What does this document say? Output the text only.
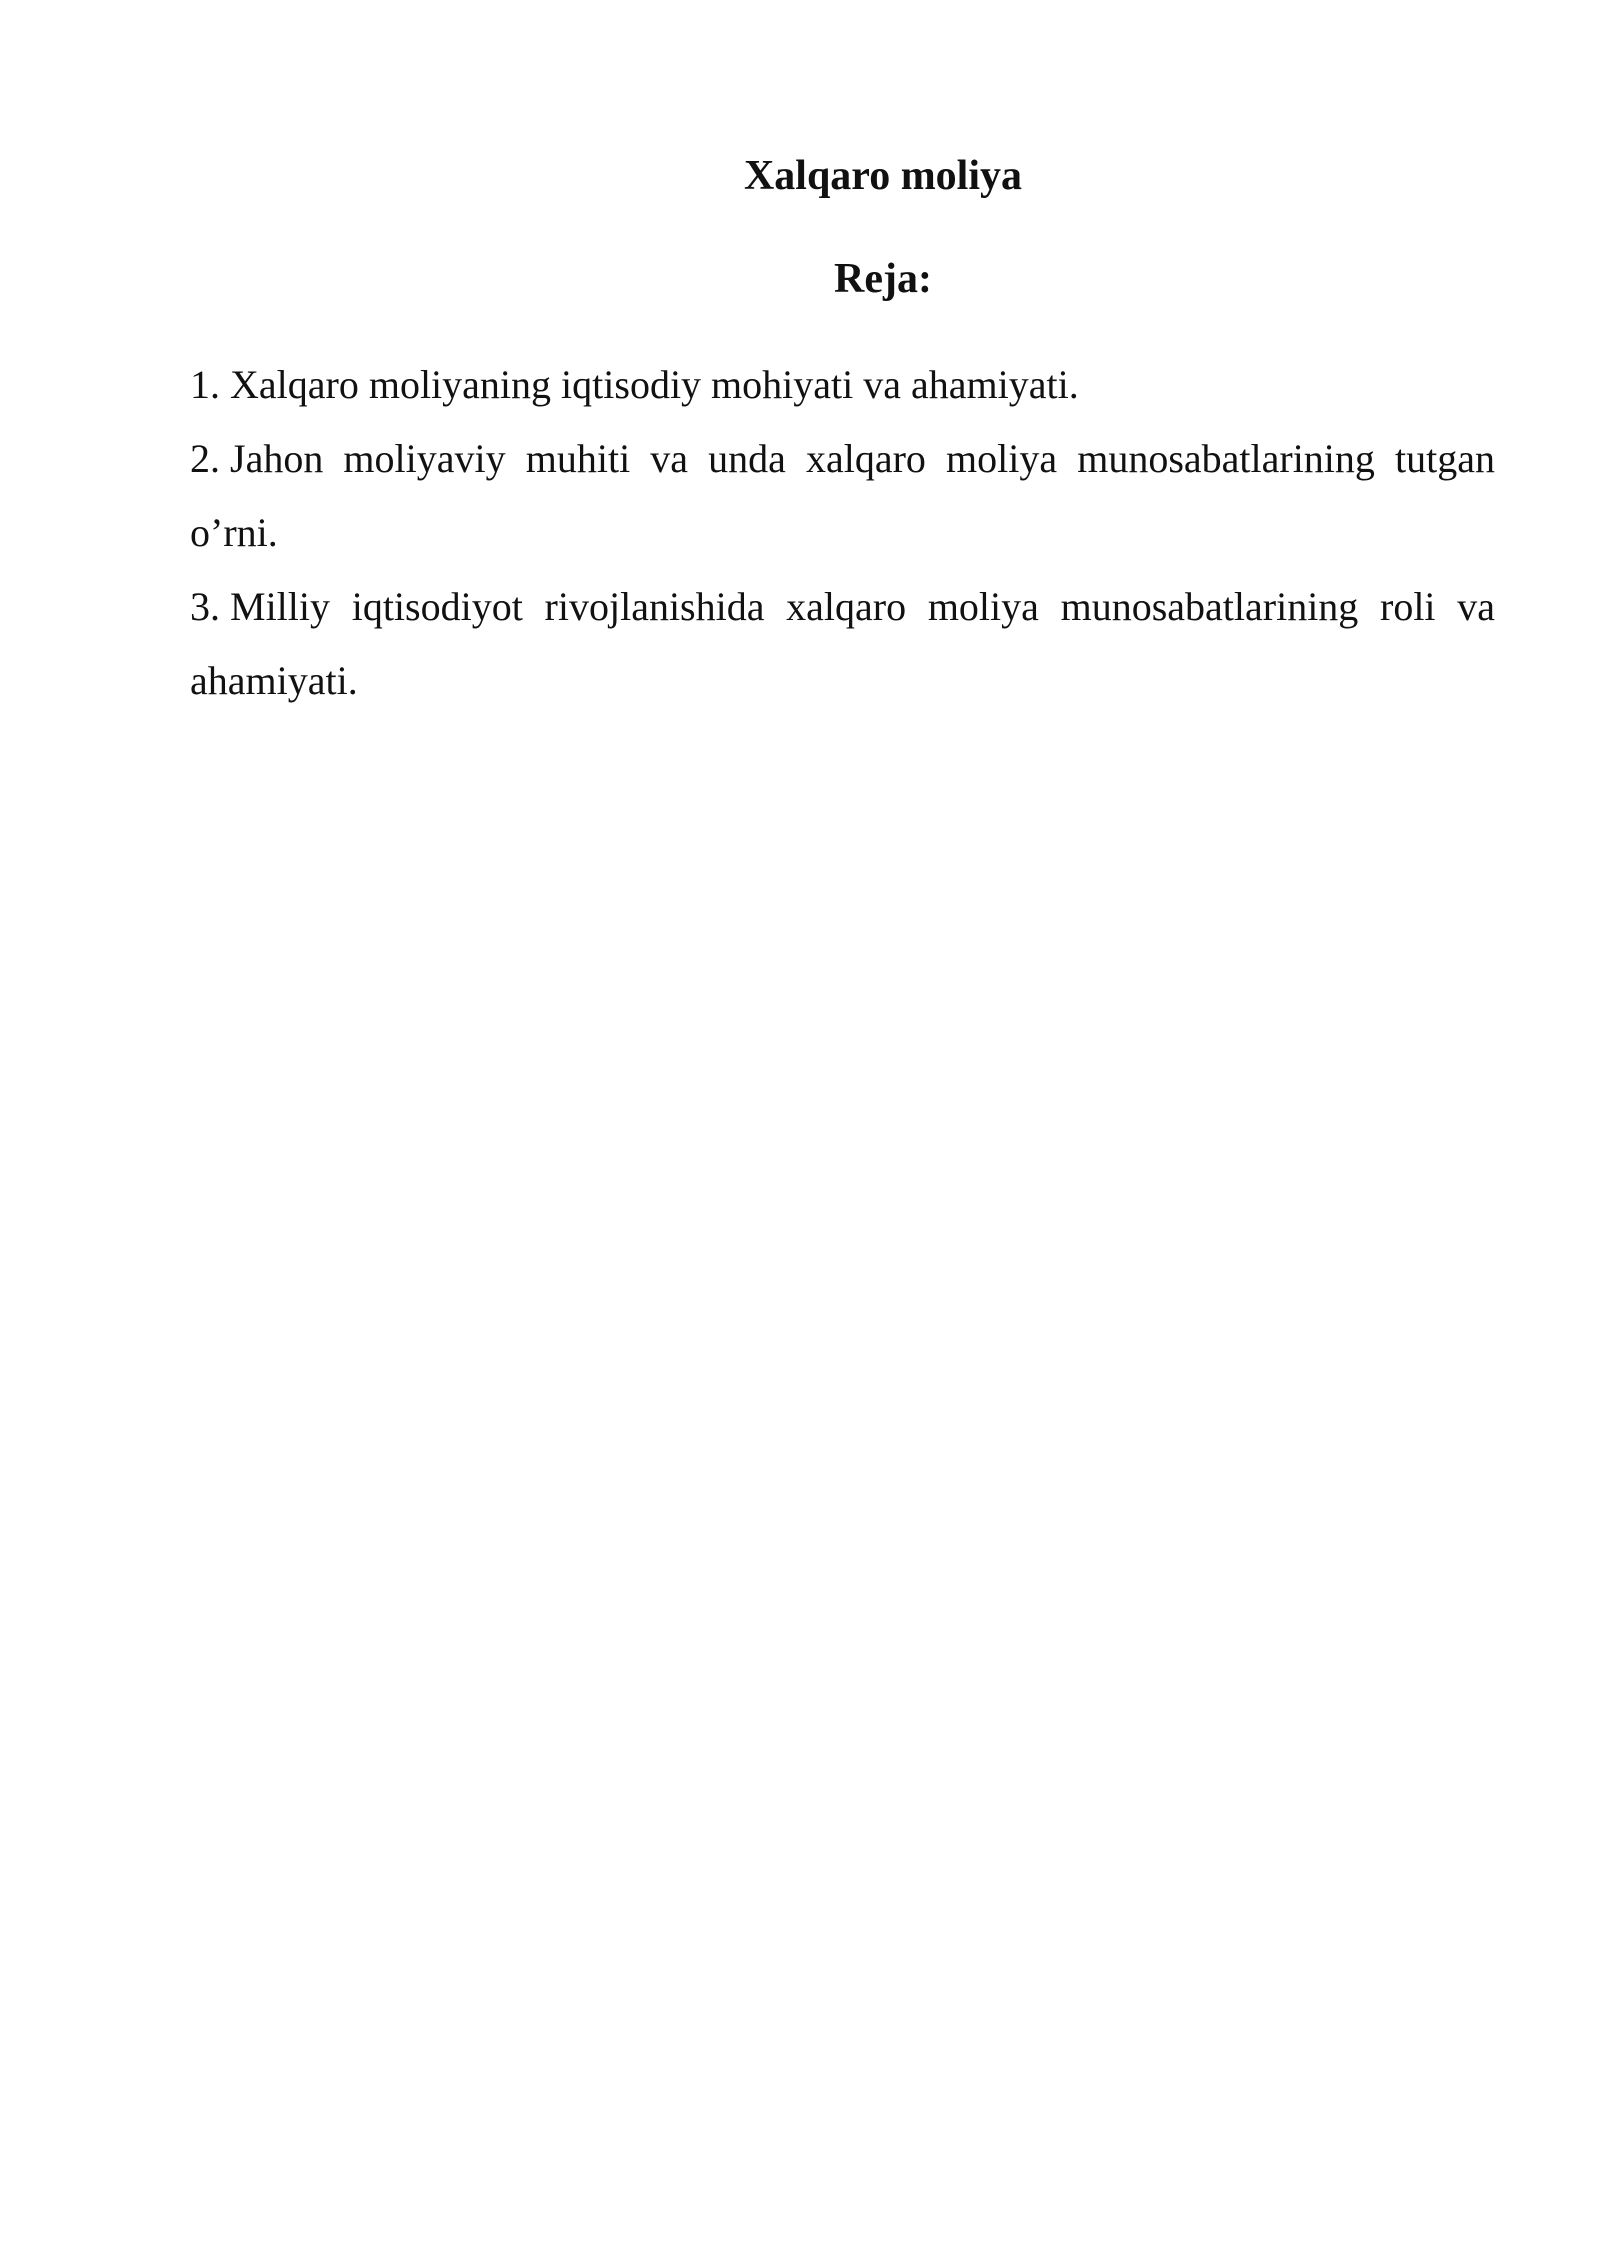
Xalqaro moliya
Reja:
1. Xalqaro moliyaning iqtisodiy mohiyati va ahamiyati.
2. Jahon moliyaviy muhiti va unda xalqaro moliya munosabatlarining tutgan o’rni.
3. Milliy iqtisodiyot rivojlanishida xalqaro moliya munosabatlarining roli va ahamiyati.
